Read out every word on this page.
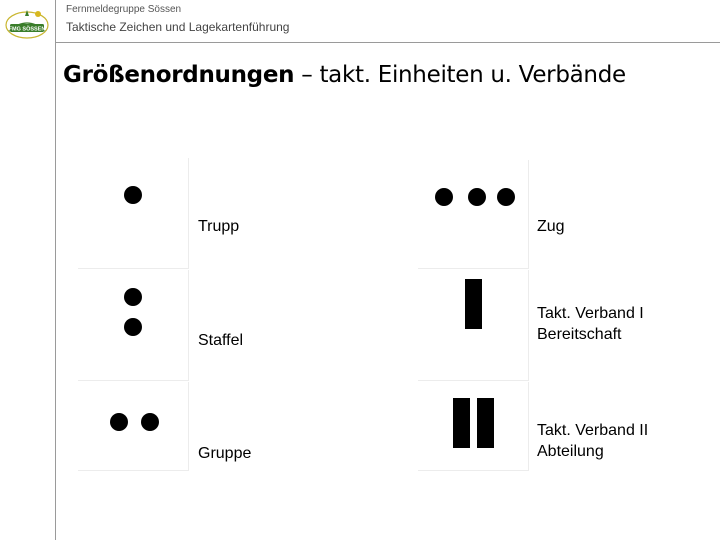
FMG SÖSSEN
Fernmeldegruppe Sössen
Taktische Zeichen und Lagekartenführung
Größenordnungen – takt. Einheiten u. Verbände
Trupp
Staffel
Gruppe
Zug
Takt. Verband I
Bereitschaft
Takt. Verband II
Abteilung
